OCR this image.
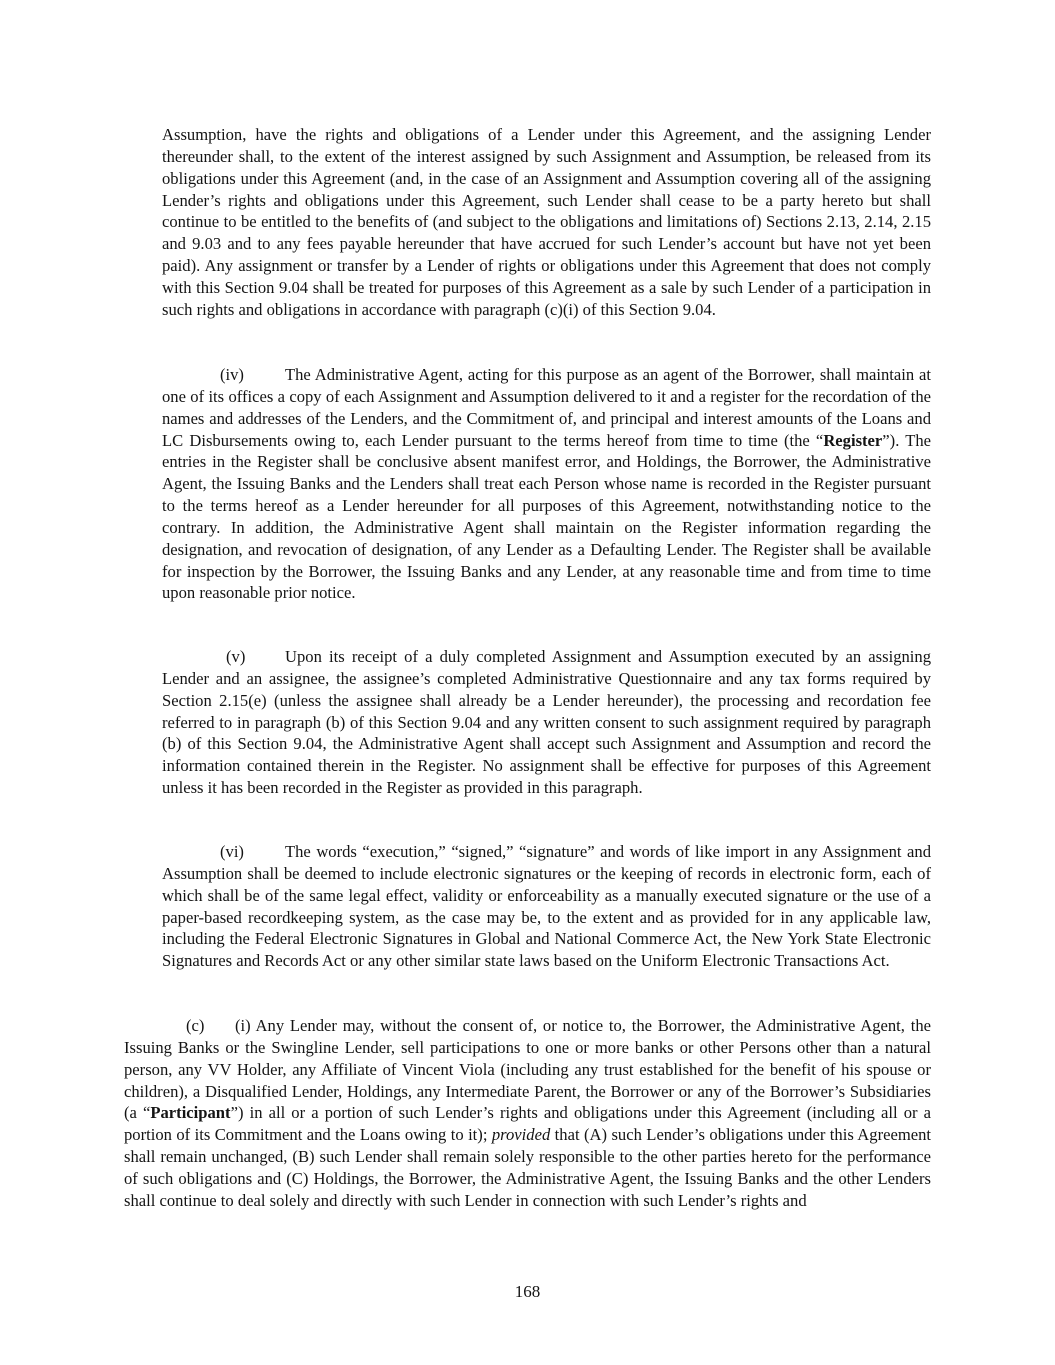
Assumption, have the rights and obligations of a Lender under this Agreement, and the assigning Lender thereunder shall, to the extent of the interest assigned by such Assignment and Assumption, be released from its obligations under this Agreement (and, in the case of an Assignment and Assumption covering all of the assigning Lender’s rights and obligations under this Agreement, such Lender shall cease to be a party hereto but shall continue to be entitled to the benefits of (and subject to the obligations and limitations of) Sections 2.13, 2.14, 2.15 and 9.03 and to any fees payable hereunder that have accrued for such Lender’s account but have not yet been paid). Any assignment or transfer by a Lender of rights or obligations under this Agreement that does not comply with this Section 9.04 shall be treated for purposes of this Agreement as a sale by such Lender of a participation in such rights and obligations in accordance with paragraph (c)(i) of this Section 9.04.

(iv) The Administrative Agent, acting for this purpose as an agent of the Borrower, shall maintain at one of its offices a copy of each Assignment and Assumption delivered to it and a register for the recordation of the names and addresses of the Lenders, and the Commitment of, and principal and interest amounts of the Loans and LC Disbursements owing to, each Lender pursuant to the terms hereof from time to time (the “Register”). The entries in the Register shall be conclusive absent manifest error, and Holdings, the Borrower, the Administrative Agent, the Issuing Banks and the Lenders shall treat each Person whose name is recorded in the Register pursuant to the terms hereof as a Lender hereunder for all purposes of this Agreement, notwithstanding notice to the contrary. In addition, the Administrative Agent shall maintain on the Register information regarding the designation, and revocation of designation, of any Lender as a Defaulting Lender. The Register shall be available for inspection by the Borrower, the Issuing Banks and any Lender, at any reasonable time and from time to time upon reasonable prior notice.

(v) Upon its receipt of a duly completed Assignment and Assumption executed by an assigning Lender and an assignee, the assignee’s completed Administrative Questionnaire and any tax forms required by Section 2.15(e) (unless the assignee shall already be a Lender hereunder), the processing and recordation fee referred to in paragraph (b) of this Section 9.04 and any written consent to such assignment required by paragraph (b) of this Section 9.04, the Administrative Agent shall accept such Assignment and Assumption and record the information contained therein in the Register. No assignment shall be effective for purposes of this Agreement unless it has been recorded in the Register as provided in this paragraph.

(vi) The words “execution,” “signed,” “signature” and words of like import in any Assignment and Assumption shall be deemed to include electronic signatures or the keeping of records in electronic form, each of which shall be of the same legal effect, validity or enforceability as a manually executed signature or the use of a paper-based recordkeeping system, as the case may be, to the extent and as provided for in any applicable law, including the Federal Electronic Signatures in Global and National Commerce Act, the New York State Electronic Signatures and Records Act or any other similar state laws based on the Uniform Electronic Transactions Act.

(c) (i) Any Lender may, without the consent of, or notice to, the Borrower, the Administrative Agent, the Issuing Banks or the Swingline Lender, sell participations to one or more banks or other Persons other than a natural person, any VV Holder, any Affiliate of Vincent Viola (including any trust established for the benefit of his spouse or children), a Disqualified Lender, Holdings, any Intermediate Parent, the Borrower or any of the Borrower’s Subsidiaries (a “Participant”) in all or a portion of such Lender’s rights and obligations under this Agreement (including all or a portion of its Commitment and the Loans owing to it); provided that (A) such Lender’s obligations under this Agreement shall remain unchanged, (B) such Lender shall remain solely responsible to the other parties hereto for the performance of such obligations and (C) Holdings, the Borrower, the Administrative Agent, the Issuing Banks and the other Lenders shall continue to deal solely and directly with such Lender in connection with such Lender’s rights and

168
